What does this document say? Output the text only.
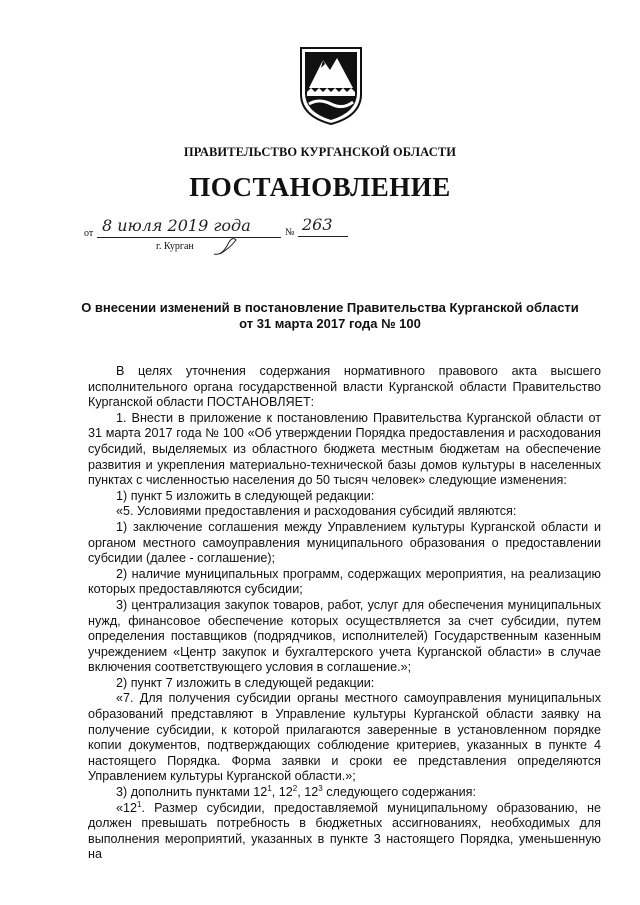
ПРАВИТЕЛЬСТВО КУРГАНСКОЙ ОБЛАСТИ
ПОСТАНОВЛЕНИЕ
от 8 июля 2019 года	№ 263
г. Курган
О внесении изменений в постановление Правительства Курганской области
от 31 марта 2017 года № 100

В целях уточнения содержания нормативного правового акта высшего исполнительного органа государственной власти Курганской области Правительство Курганской области ПОСТАНОВЛЯЕТ:

1. Внести в приложение к постановлению Правительства Курганской области от 31 марта 2017 года № 100 «Об утверждении Порядка предоставления и расходования субсидий, выделяемых из областного бюджета местным бюджетам на обеспечение развития и укрепления материально-технической базы домов культуры в населенных пунктах с численностью населения до 50 тысяч человек» следующие изменения:

1) пункт 5 изложить в следующей редакции:

«5. Условиями предоставления и расходования субсидий являются:

1) заключение соглашения между Управлением культуры Курганской области и органом местного самоуправления муниципального образования о предоставлении субсидии (далее - соглашение);

2) наличие муниципальных программ, содержащих мероприятия, на реализацию которых предоставляются субсидии;

3) централизация закупок товаров, работ, услуг для обеспечения муниципальных нужд, финансовое обеспечение которых осуществляется за счет субсидии, путем определения поставщиков (подрядчиков, исполнителей) Государственным казенным учреждением «Центр закупок и бухгалтерского учета Курганской области» в случае включения соответствующего условия в соглашение.»;

2) пункт 7 изложить в следующей редакции:

«7. Для получения субсидии органы местного самоуправления муниципальных образований представляют в Управление культуры Курганской области заявку на получение субсидии, к которой прилагаются заверенные в установленном порядке копии документов, подтверждающих соблюдение критериев, указанных в пункте 4 настоящего Порядка. Форма заявки и сроки ее представления определяются Управлением культуры Курганской области.»;

3) дополнить пунктами $12^1$, $12^2$, $12^3$ следующего содержания:

«$12^1$. Размер субсидии, предоставляемой муниципальному образованию, не должен превышать потребность в бюджетных ассигнованиях, необходимых для выполнения мероприятий, указанных в пункте 3 настоящего Порядка, уменьшенную на
